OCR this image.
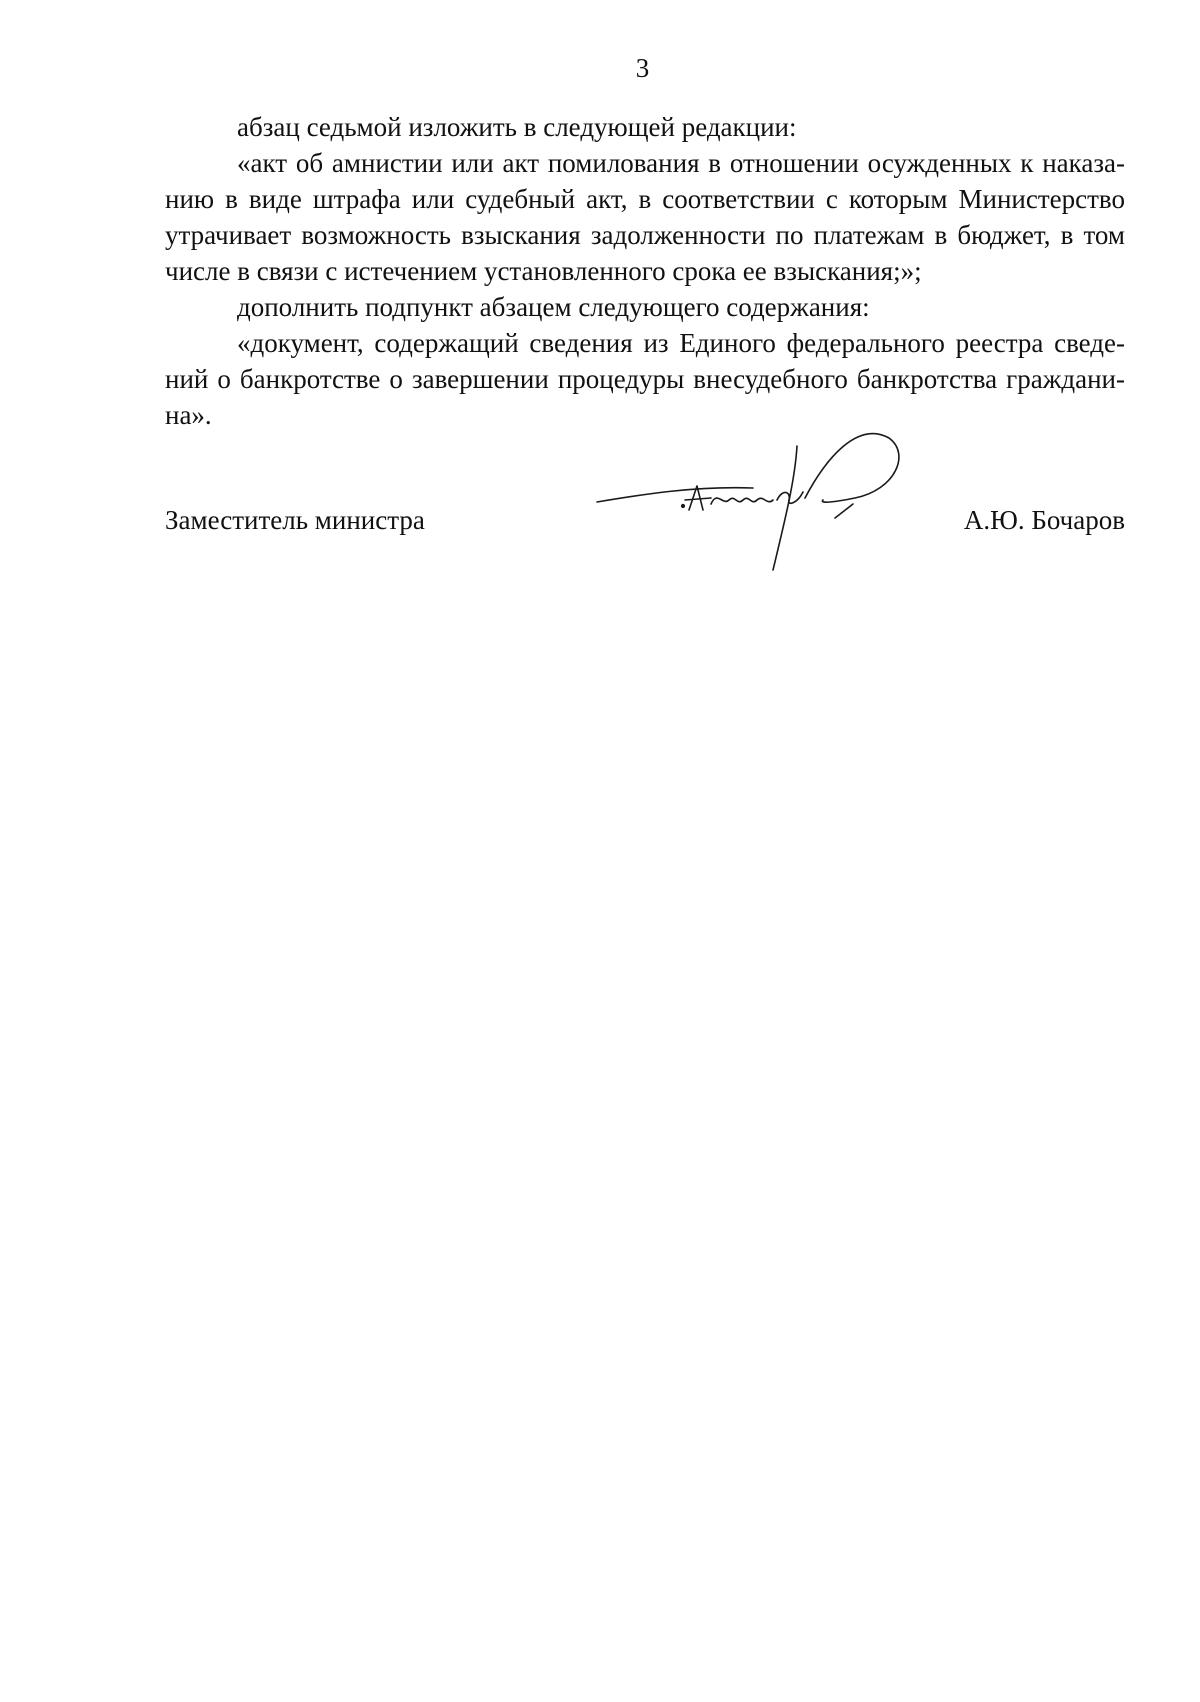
3
абзац седьмой изложить в следующей редакции:
«акт об амнистии или акт помилования в отношении осужденных к наказа-
нию в виде штрафа или судебный акт, в соответствии с которым Министерство
утрачивает возможность взыскания задолженности по платежам в бюджет, в том
числе в связи с истечением установленного срока ее взыскания;»;
дополнить подпункт абзацем следующего содержания:
«документ, содержащий сведения из Единого федерального реестра сведе-
ний о банкротстве о завершении процедуры внесудебного банкротства граждани-
на».
Заместитель министра	А.Ю. Бочаров
